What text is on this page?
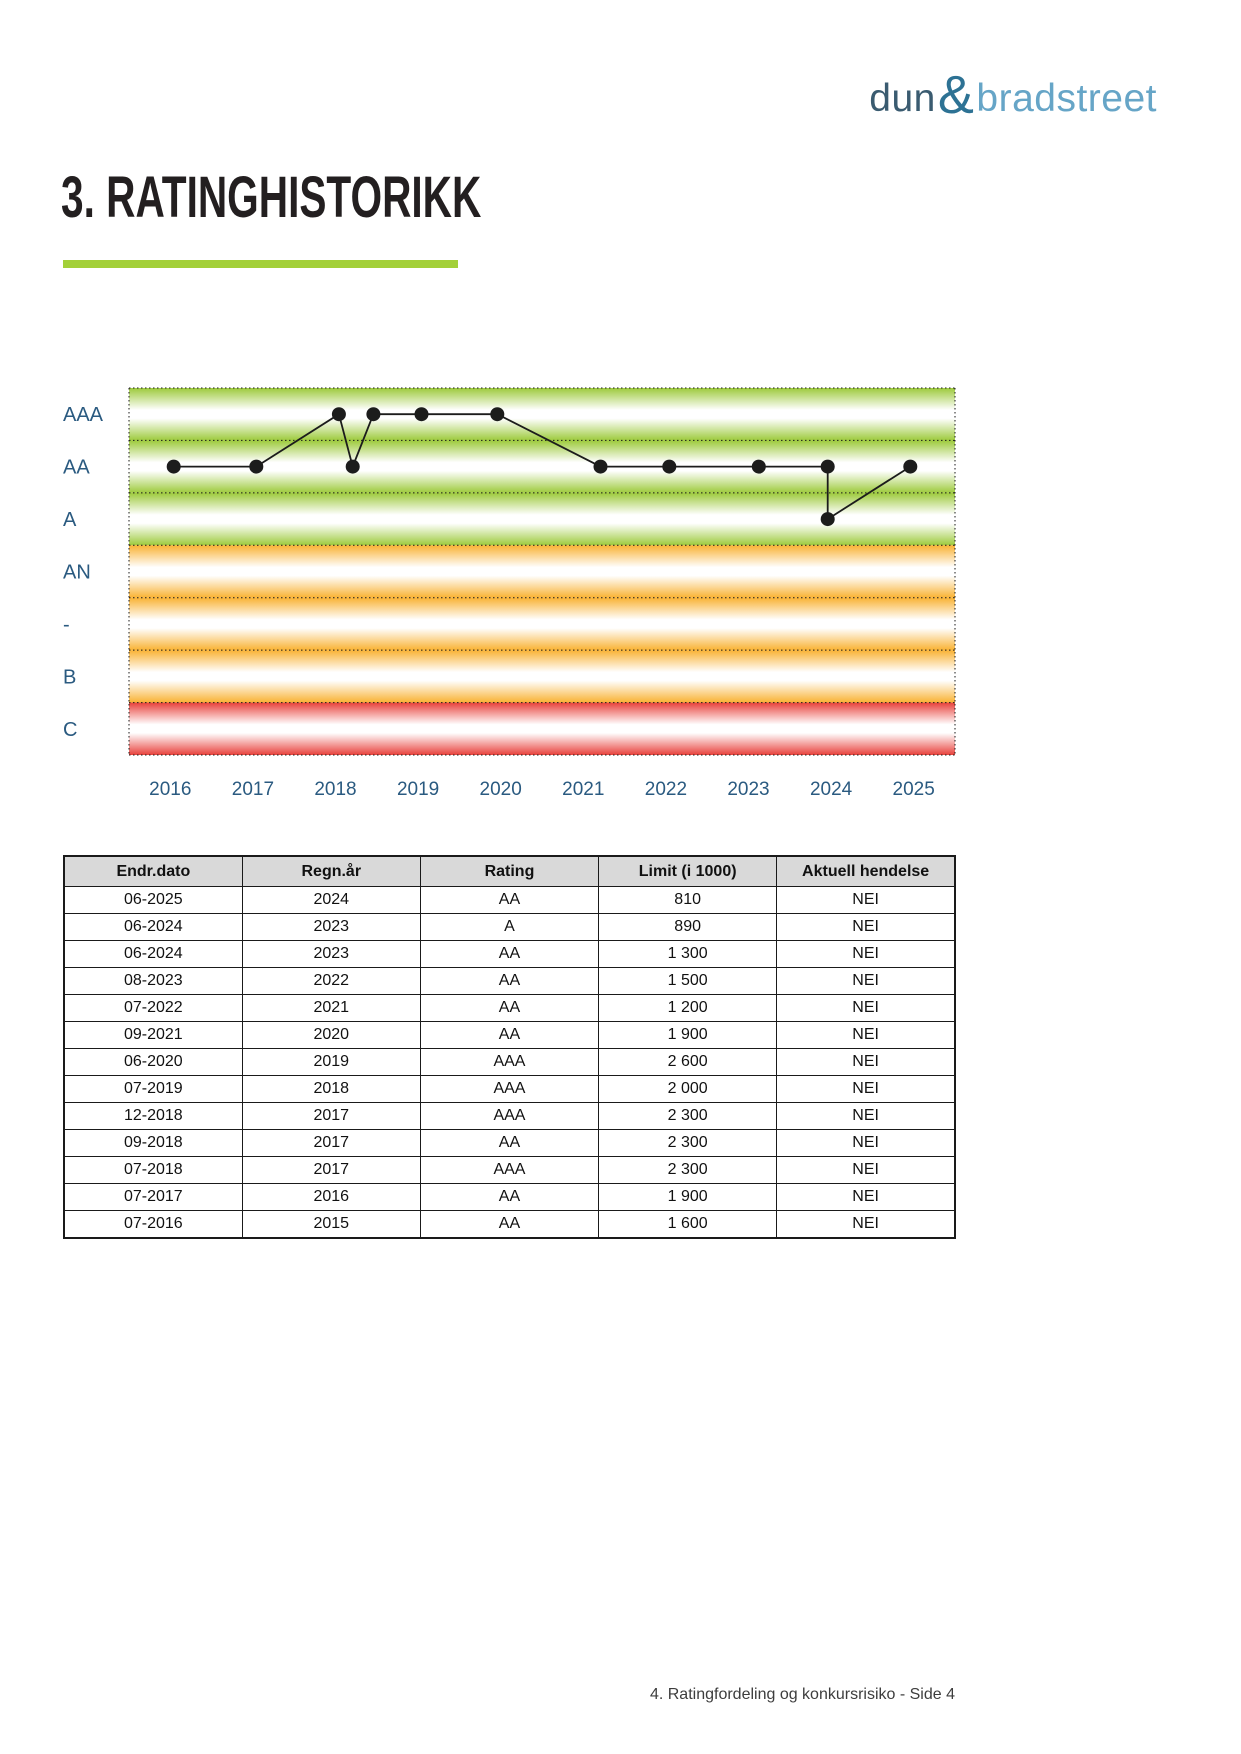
dun & bradstreet
3. RATINGHISTORIKK
AAA
AA
A
AN
-
B
C
2016 2017 2018 2019 2020 2021 2022 2023 2024 2025
Endr.dato	Regn.år	Rating	Limit (i 1000)	Aktuell hendelse
06-2025	2024	AA	810	NEI
06-2024	2023	A	890	NEI
06-2024	2023	AA	1 300	NEI
08-2023	2022	AA	1 500	NEI
07-2022	2021	AA	1 200	NEI
09-2021	2020	AA	1 900	NEI
06-2020	2019	AAA	2 600	NEI
07-2019	2018	AAA	2 000	NEI
12-2018	2017	AAA	2 300	NEI
09-2018	2017	AA	2 300	NEI
07-2018	2017	AAA	2 300	NEI
07-2017	2016	AA	1 900	NEI
07-2016	2015	AA	1 600	NEI
4. Ratingfordeling og konkursrisiko - Side 4
